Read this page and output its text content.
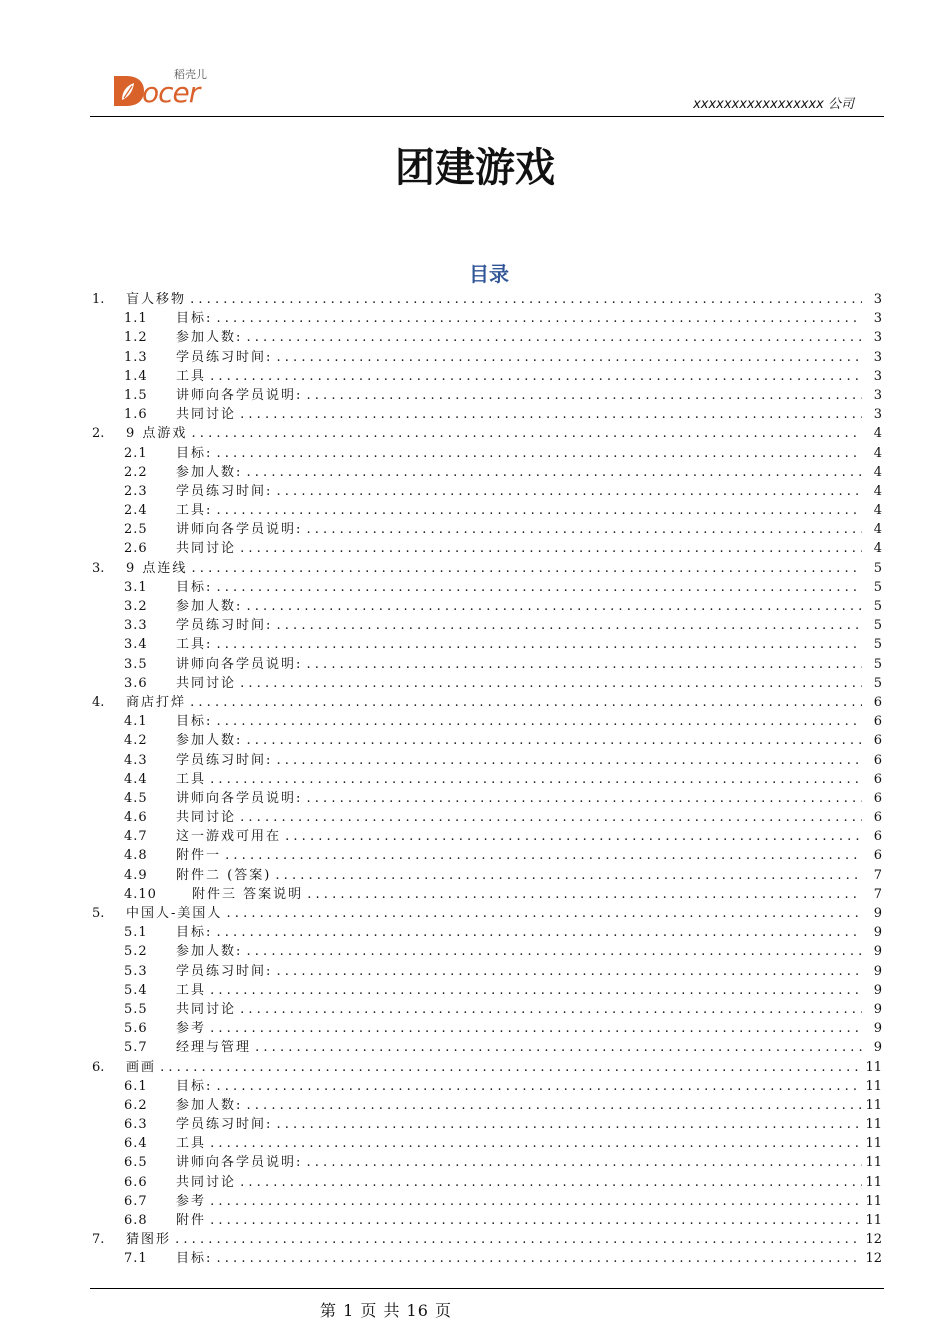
ocer
稻壳儿
xxxxxxxxxxxxxxxxx 公司
团建游戏
目录
1. 盲人移物 . . .	3
1.1 目标: . . .	3
1.2 参加人数: . . .	3
1.3 学员练习时间: . . .	3
1.4 工具 . . .	3
1.5 讲师向各学员说明: . . .	3
1.6 共同讨论 . . .	3
2. 9 点游戏 . . .	4
2.1 目标: . . .	4
2.2 参加人数: . . .	4
2.3 学员练习时间: . . .	4
2.4 工具: . . .	4
2.5 讲师向各学员说明: . . .	4
2.6 共同讨论 . . .	4
3. 9 点连线 . . .	5
3.1 目标: . . .	5
3.2 参加人数: . . .	5
3.3 学员练习时间: . . .	5
3.4 工具: . . .	5
3.5 讲师向各学员说明: . . .	5
3.6 共同讨论 . . .	5
4. 商店打烊 . . .	6
4.1 目标: . . .	6
4.2 参加人数: . . .	6
4.3 学员练习时间: . . .	6
4.4 工具 . . .	6
4.5 讲师向各学员说明: . . .	6
4.6 共同讨论 . . .	6
4.7 这一游戏可用在 . . .	6
4.8 附件一 . . .	6
4.9 附件二 (答案) . . .	7
4.10	附件三 答案说明 . . .	7
5. 中国人-美国人 . . .	9
5.1 目标: . . .	9
5.2 参加人数: . . .	9
5.3 学员练习时间: . . .	9
5.4 工具 . . .	9
5.5 共同讨论 . . .	9
5.6 参考 . . .	9
5.7 经理与管理 . . .	9
6. 画画 . . .	11
6.1 目标: . . .	11
6.2 参加人数: . . .	11
6.3 学员练习时间: . . .	11
6.4 工具 . . .	11
6.5 讲师向各学员说明: . . .	11
6.6 共同讨论 . . .	11
6.7 参考 . . .	11
6.8 附件 . . .	11
7. 猜图形 . . .	12
7.1 目标: . . .	12
第 1 页 共 16 页
